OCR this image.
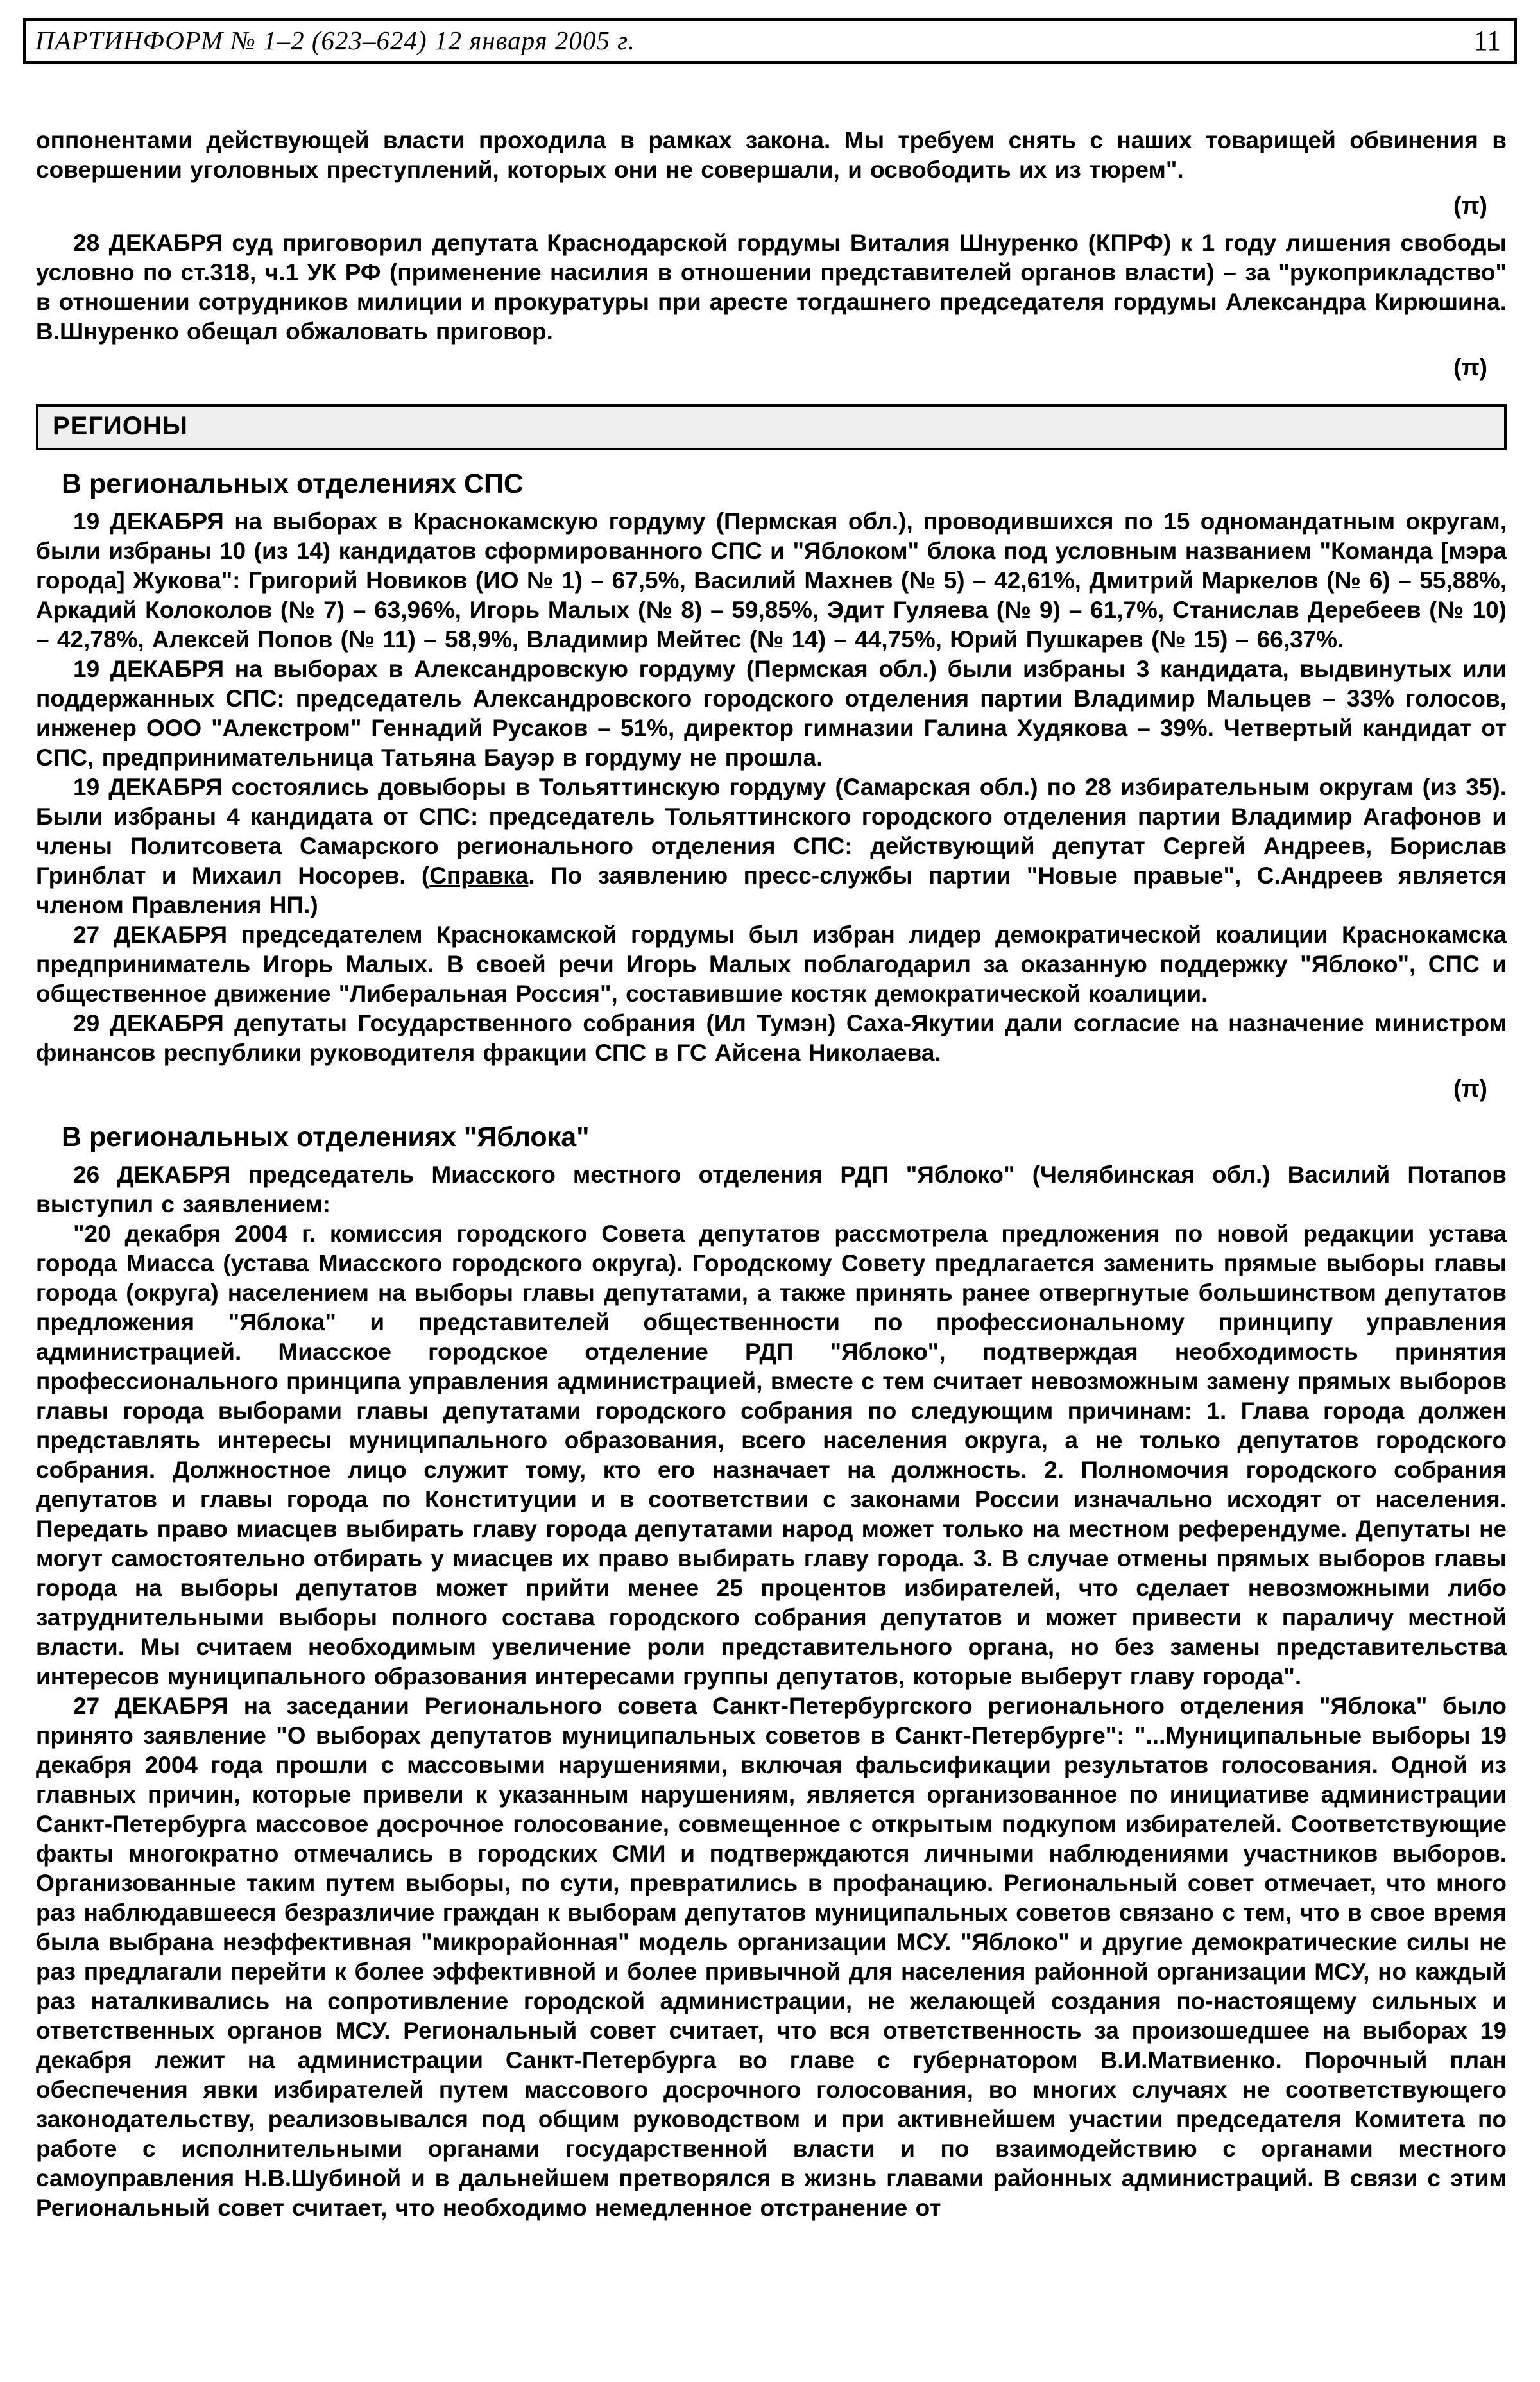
ПАРТИНФОРМ № 1–2 (623–624) 12 января 2005 г.	11

оппонентами действующей власти проходила в рамках закона. Мы требуем снять с наших товарищей обвинения в совершении уголовных преступлений, которых они не совершали, и освободить их из тюрем".

(π)

28 ДЕКАБРЯ суд приговорил депутата Краснодарской гордумы Виталия Шнуренко (КПРФ) к 1 году лишения свободы условно по ст.318, ч.1 УК РФ (применение насилия в отношении представителей органов власти) – за "рукоприкладство" в отношении сотрудников милиции и прокуратуры при аресте тогдашнего председателя гордумы Александра Кирюшина. В.Шнуренко обещал обжаловать приговор.

(π)

РЕГИОНЫ
В региональных отделениях СПС

19 ДЕКАБРЯ на выборах в Краснокамскую гордуму (Пермская обл.), проводившихся по 15 одномандатным округам, были избраны 10 (из 14) кандидатов сформированного СПС и "Яблоком" блока под условным названием "Команда [мэра города] Жукова": Григорий Новиков (ИО № 1) – 67,5%, Василий Махнев (№ 5) – 42,61%, Дмитрий Маркелов (№ 6) – 55,88%, Аркадий Колоколов (№ 7) – 63,96%, Игорь Малых (№ 8) – 59,85%, Эдит Гуляева (№ 9) – 61,7%, Станислав Деребеев (№ 10) – 42,78%, Алексей Попов (№ 11) – 58,9%, Владимир Мейтес (№ 14) – 44,75%, Юрий Пушкарев (№ 15) – 66,37%.

19 ДЕКАБРЯ на выборах в Александровскую гордуму (Пермская обл.) были избраны 3 кандидата, выдвинутых или поддержанных СПС: председатель Александровского городского отделения партии Владимир Мальцев – 33% голосов, инженер ООО "Алекстром" Геннадий Русаков – 51%, директор гимназии Галина Худякова – 39%. Четвертый кандидат от СПС, предпринимательница Татьяна Бауэр в гордуму не прошла.

19 ДЕКАБРЯ состоялись довыборы в Тольяттинскую гордуму (Самарская обл.) по 28 избирательным округам (из 35). Были избраны 4 кандидата от СПС: председатель Тольяттинского городского отделения партии Владимир Агафонов и члены Политсовета Самарского регионального отделения СПС: действующий депутат Сергей Андреев, Борислав Гринблат и Михаил Носорев. (Справка. По заявлению пресс-службы партии "Новые правые", С.Андреев является членом Правления НП.)

27 ДЕКАБРЯ председателем Краснокамской гордумы был избран лидер демократической коалиции Краснокамска предприниматель Игорь Малых. В своей речи Игорь Малых поблагодарил за оказанную поддержку "Яблоко", СПС и общественное движение "Либеральная Россия", составившие костяк демократической коалиции.

29 ДЕКАБРЯ депутаты Государственного собрания (Ил Тумэн) Саха-Якутии дали согласие на назначение министром финансов республики руководителя фракции СПС в ГС Айсена Николаева.

(π)

В региональных отделениях "Яблока"

26 ДЕКАБРЯ председатель Миасского местного отделения РДП "Яблоко" (Челябинская обл.) Василий Потапов выступил с заявлением:

"20 декабря 2004 г. комиссия городского Совета депутатов рассмотрела предложения по новой редакции устава города Миасса (устава Миасского городского округа). Городскому Совету предлагается заменить прямые выборы главы города (округа) населением на выборы главы депутатами, а также принять ранее отвергнутые большинством депутатов предложения "Яблока" и представителей общественности по профессиональному принципу управления администрацией. Миасское городское отделение РДП "Яблоко", подтверждая необходимость принятия профессионального принципа управления администрацией, вместе с тем считает невозможным замену прямых выборов главы города выборами главы депутатами городского собрания по следующим причинам: 1. Глава города должен представлять интересы муниципального образования, всего населения округа, а не только депутатов городского собрания. Должностное лицо служит тому, кто его назначает на должность. 2. Полномочия городского собрания депутатов и главы города по Конституции и в соответствии с законами России изначально исходят от населения. Передать право миасцев выбирать главу города депутатами народ может только на местном референдуме. Депутаты не могут самостоятельно отбирать у миасцев их право выбирать главу города. 3. В случае отмены прямых выборов главы города на выборы депутатов может прийти менее 25 процентов избирателей, что сделает невозможными либо затруднительными выборы полного состава городского собрания депутатов и может привести к параличу местной власти. Мы считаем необходимым увеличение роли представительного органа, но без замены представительства интересов муниципального образования интересами группы депутатов, которые выберут главу города".

27 ДЕКАБРЯ на заседании Регионального совета Санкт-Петербургского регионального отделения "Яблока" было принято заявление "О выборах депутатов муниципальных советов в Санкт-Петербурге": "...Муниципальные выборы 19 декабря 2004 года прошли с массовыми нарушениями, включая фальсификации результатов голосования. Одной из главных причин, которые привели к указанным нарушениям, является организованное по инициативе администрации Санкт-Петербурга массовое досрочное голосование, совмещенное с открытым подкупом избирателей. Соответствующие факты многократно отмечались в городских СМИ и подтверждаются личными наблюдениями участников выборов. Организованные таким путем выборы, по сути, превратились в профанацию. Региональный совет отмечает, что много раз наблюдавшееся безразличие граждан к выборам депутатов муниципальных советов связано с тем, что в свое время была выбрана неэффективная "микрорайонная" модель организации МСУ. "Яблоко" и другие демократические силы не раз предлагали перейти к более эффективной и более привычной для населения районной организации МСУ, но каждый раз наталкивались на сопротивление городской администрации, не желающей создания по-настоящему сильных и ответственных органов МСУ. Региональный совет считает, что вся ответственность за произошедшее на выборах 19 декабря лежит на администрации Санкт-Петербурга во главе с губернатором В.И.Матвиенко. Порочный план обеспечения явки избирателей путем массового досрочного голосования, во многих случаях не соответствующего законодательству, реализовывался под общим руководством и при активнейшем участии председателя Комитета по работе с исполнительными органами государственной власти и по взаимодействию с органами местного самоуправления Н.В.Шубиной и в дальнейшем претворялся в жизнь главами районных администраций. В связи с этим Региональный совет считает, что необходимо немедленное отстранение от
